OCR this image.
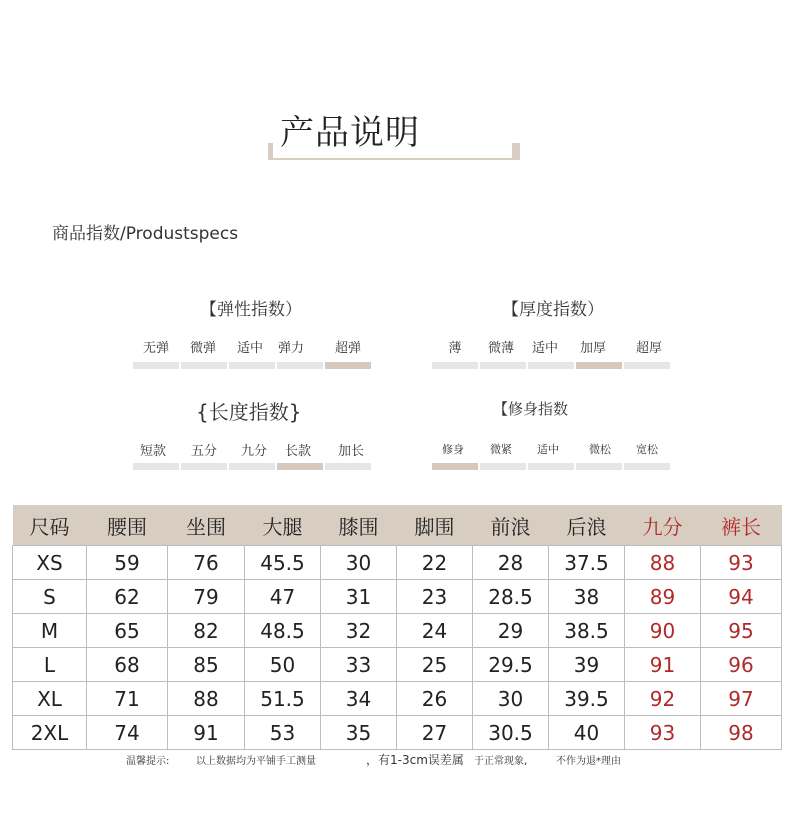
产品说明
商品指数/Produstspecs
【弹性指数）
无弹	微弹	适中	弹力	超弹
【厚度指数）
薄	微薄	适中	加厚	超厚
{长度指数}
短款	五分	九分	长款	加长
【修身指数
修身	微紧	适中	微松	宽松
尺码	腰围	坐围	大腿	膝围	脚围	前浪	后浪	九分	裤长
XS	59	76	45.5	30	22	28	37.5	88	93
S	62	79	47	31	23	28.5	38	89	94
M	65	82	48.5	32	24	29	38.5	90	95
L	68	85	50	33	25	29.5	39	91	96
XL	71	88	51.5	34	26	30	39.5	92	97
2XL	74	91	53	35	27	30.5	40	93	98
温馨提示:	以上数据均为平铺手工测量	，有1-3cm误差属 于正常现象,	不作为退*理由
